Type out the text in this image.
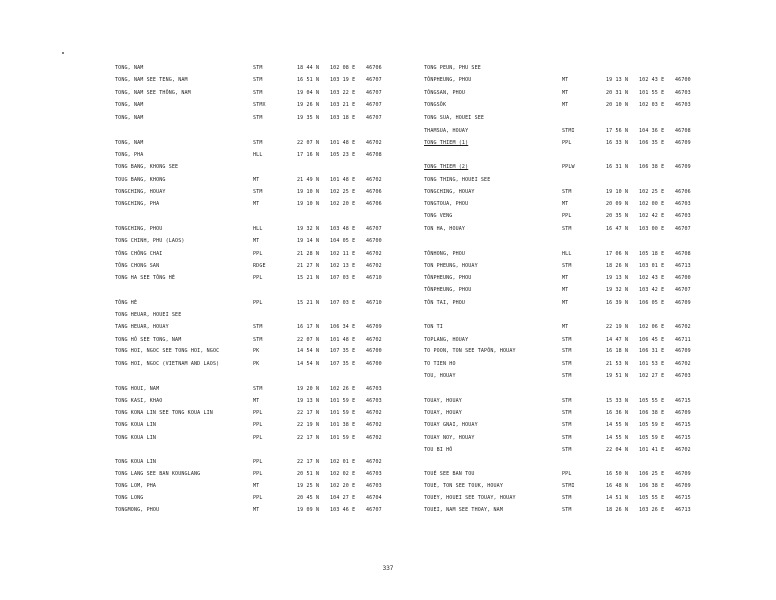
TONG, NAM	STM	18 44 N 102 08 E 46706
TONG, NAM SEE TENG, NAM	STM	16 51 N 103 19 E 46707
TONG, NAM SEE THÔNG, NAM	STM	19 04 N 103 22 E 46707
TONG, NAM	STMX	19 26 N 103 21 E 46707
TONG, NAM	STM	19 35 N 103 18 E 46707
TONG, NAM	STM	22 07 N 101 48 E 46702
TONG, PHA	HLL	17 16 N 105 23 E 46708
TONG BANG, KHONG SEE
TOUG BANG, KHONG	MT	21 49 N 101 48 E 46702
TONGCHING, HOUAY	STM	19 10 N 102 25 E 46706
TONGCHING, PHA	MT	19 10 N 102 20 E 46706
TONGCHING, PHOU	HLL	19 32 N 103 48 E 46707
TONG CHINH, PHU (LAOS)	MT	19 14 N 104 05 E 46700
TÔNG CHÔNG CHAI	PPL	21 28 N 102 11 E 46702
TÔNG CHONG SAN	RDGE	21 27 N 102 13 E 46702
TONG HA SEE TÔNG HÈ	PPL	15 21 N 107 03 E 46710
TÔNG HÈ	PPL	15 21 N 107 03 E 46710
TONG HEUAR, HOUEI SEE
TANG HEUAR, HOUAY	STM	16 17 N 106 34 E 46709
TONG HÔ SEE TONG, NAM	STM	22 07 N 101 48 E 46702
TONG HOI, NGOC SEE TONG HOI, NGOC	PK	14 54 N 107 35 E 46700
TONG HOI, NGOC (VIETNAM AND LAOS)	PK	14 54 N 107 35 E 46700
TONG HOUI, NAM	STM	19 20 N 102 26 E 46703
TONG KASI, KHAO	MT	19 13 N 101 59 E 46703
TONG KONA LIN SEE TONG KOUA LIN	PPL	22 17 N 101 59 E 46702
TONG KOUA LIN	PPL	22 19 N 101 38 E 46702
TONG KOUA LIN	PPL	22 17 N 101 59 E 46702
TONG KOUA LIN	PPL	22 17 N 102 01 E 46702
TONG LANG SEE BAN KOUNGLANG	PPL	20 51 N 102 02 E 46703
TONG LOM, PHA	MT	19 25 N 102 20 E 46703
TONG LONG	PPL	20 45 N 104 27 E 46704
TONGMONG, PHOU	MT	19 09 N 103 46 E 46707
TONG PEUN, PHU SEE
TÔNPHEUNG, PHOU	MT	19 13 N 102 43 E 46700
TÔNGSAN, PHOU	MT	20 31 N 101 55 E 46703
TONGSÔK	MT	20 10 N 102 03 E 46703
TONG SUA, HOUEI SEE
THAMSUA, HOUAY	STMI	17 56 N 104 36 E 46708
TONG THIEM (1)	PPL	16 33 N 106 35 E 46709
TONG THIEM (2)	PPLW	16 31 N 106 38 E 46709
TONG THING, HOUEI SEE
TONGCHING, HOUAY	STM	19 10 N 102 25 E 46706
TONGTOUA, PHOU	MT	20 09 N 102 00 E 46703
TONG VENG	PPL	20 35 N 102 42 E 46703
TON HA, HOUAY	STM	16 47 N 103 00 E 46707
TÔNHONG, PHOU	HLL	17 06 N 105 18 E 46708
TON PHEUNG, HOUAY	STM	18 26 N 103 01 E 46713
TÔNPHEUNG, PHOU	MT	19 13 N 102 43 E 46700
TÔNPHEUNG, PHOU	MT	19 32 N 103 42 E 46707
TÔN TAI, PHOU	MT	16 39 N 106 05 E 46709
TON TI	MT	22 19 N 102 06 E 46702
TOPLANG, HOUAY	STM	14 47 N 106 45 E 46711
TO POON, TON SEE TAPÔN, HOUAY	STM	16 18 N 106 31 E 46709
TO TIEN HO	STM	21 53 N 101 53 E 46702
TOU, HOUAY	STM	19 51 N 102 27 E 46703
TOUAY, HOUAY	STM	15 33 N 105 55 E 46715
TOUAY, HOUAY	STM	16 36 N 106 38 E 46709
TOUAY GNAI, HOUAY	STM	14 55 N 105 59 E 46715
TOUAY NOY, HOUAY	STM	14 55 N 105 59 E 46715
TOU BI HÔ	STM	22 04 N 101 41 E 46702
TOUÉ SEE BAN TOU	PPL	16 50 N 106 25 E 46709
TOUE, TON SEE TOUK, HOUAY	STMI	16 48 N 106 38 E 46709
TOUEY, HOUEI SEE TOUAY, HOUAY	STM	14 51 N 105 55 E 46715
TOUEI, NAM SEE THOAY, NAM	STM	18 26 N 103 26 E 46713
337
